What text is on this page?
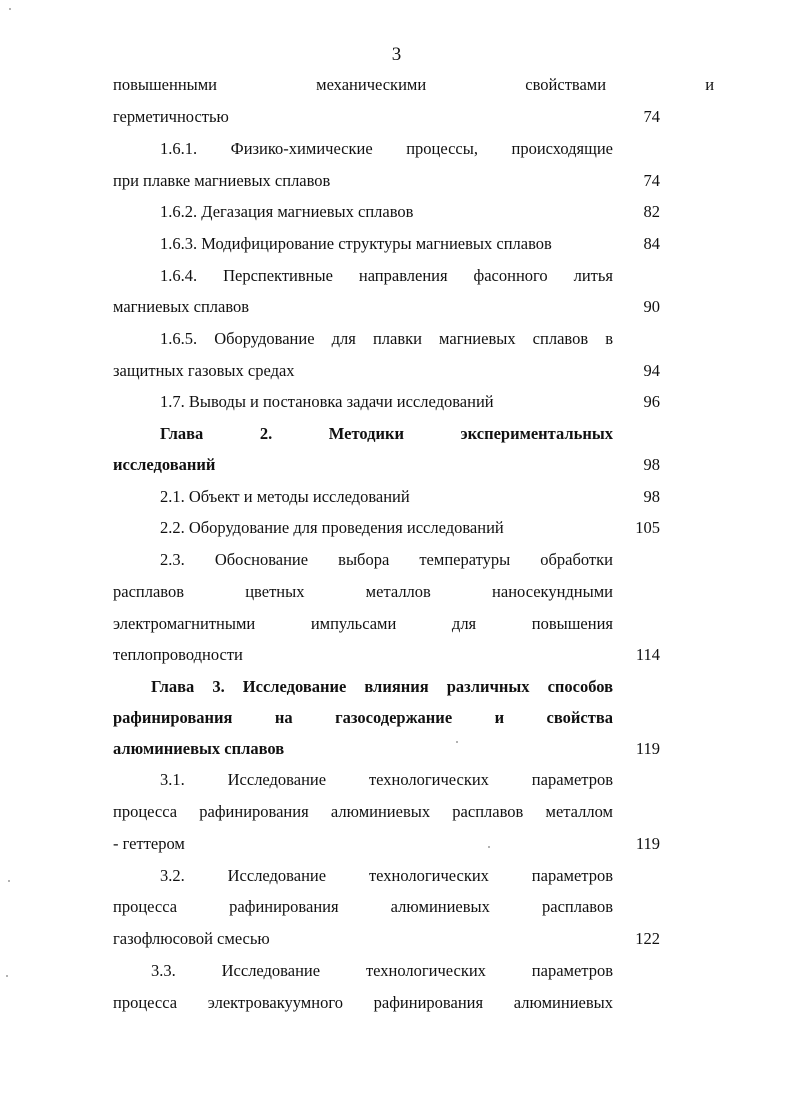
3
повышенными механическими свойствами и
герметичностью	74
1.6.1. Физико-химические процессы, происходящие
при плавке магниевых сплавов	74
1.6.2. Дегазация магниевых сплавов	82
1.6.3. Модифицирование структуры магниевых сплавов	84
1.6.4. Перспективные направления фасонного литья
магниевых сплавов	90
1.6.5. Оборудование для плавки магниевых сплавов в
защитных газовых средах	94
1.7. Выводы и постановка задачи исследований	96
Глава 2. Методики экспериментальных
исследований	98
2.1. Объект и методы исследований	98
2.2. Оборудование для проведения исследований	105
2.3. Обоснование выбора температуры обработки
расплавов цветных металлов наносекундными
электромагнитными импульсами для повышения
теплопроводности	114
Глава 3. Исследование влияния различных способов
рафинирования на газосодержание и свойства
алюминиевых сплавов	119
3.1. Исследование технологических параметров
процесса рафинирования алюминиевых расплавов металлом
- геттером	119
3.2. Исследование технологических параметров
процесса рафинирования алюминиевых расплавов
газофлюсовой смесью	122
3.3. Исследование технологических параметров
процесса электровакуумного рафинирования алюминиевых
